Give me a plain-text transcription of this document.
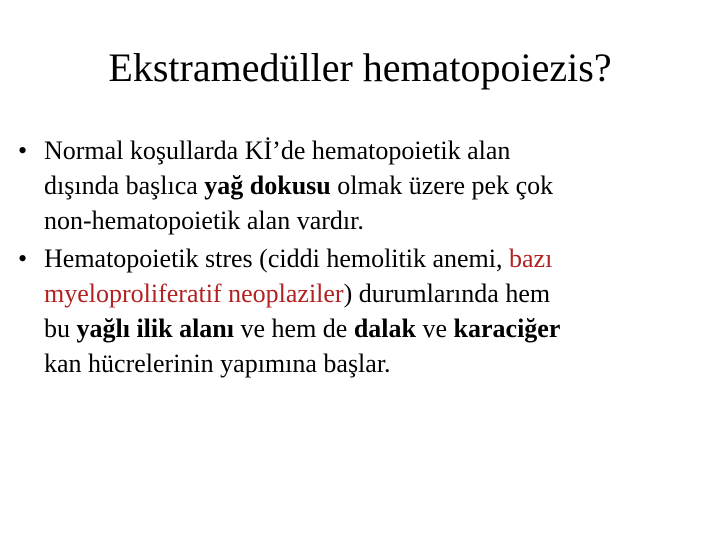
Ekstramedüller hematopoiezis?
• Normal koşullarda Kİ’de hematopoietik alan
dışında başlıca yağ dokusu olmak üzere pek çok
non-hematopoietik alan vardır.
• Hematopoietik stres (ciddi hemolitik anemi, bazı
myeloproliferatif neoplaziler) durumlarında hem
bu yağlı ilik alanı ve hem de dalak ve karaciğer
kan hücrelerinin yapımına başlar.
